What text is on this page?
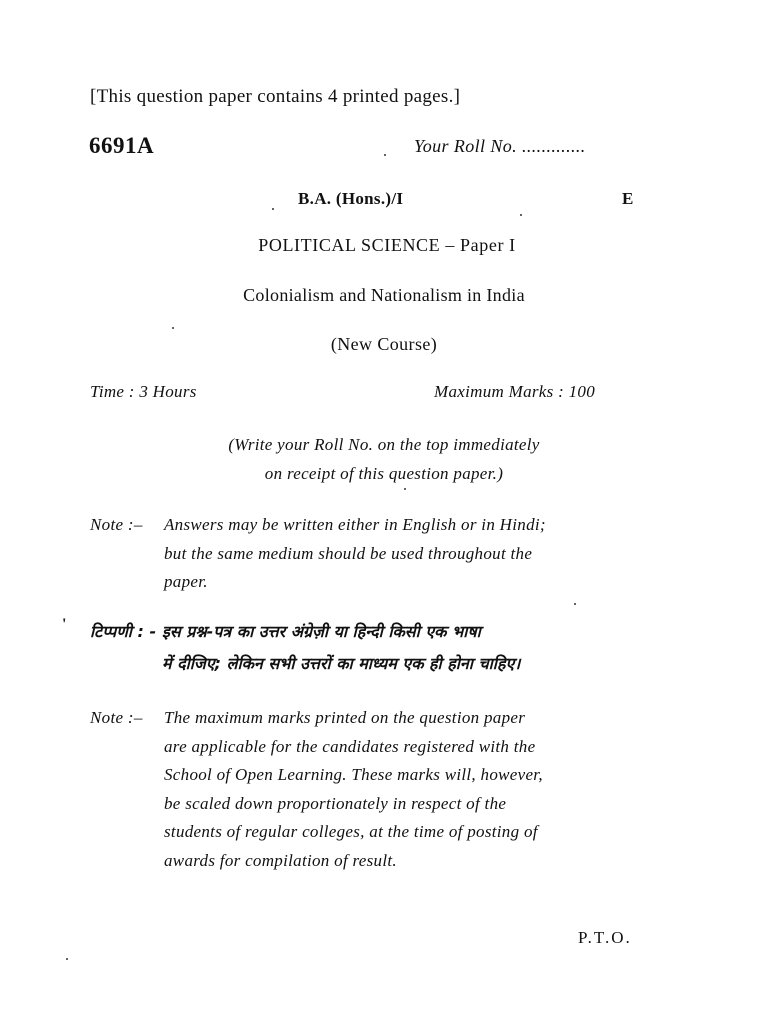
[This question paper contains 4 printed pages.]
6691A	Your Roll No. .............
B.A. (Hons.)/I	E
POLITICAL SCIENCE – Paper I
Colonialism and Nationalism in India
(New Course)
Time : 3 Hours	Maximum Marks : 100
(Write your Roll No. on the top immediately
on receipt of this question paper.)
Note :– Answers may be written either in English or in Hindi;
but the same medium should be used throughout the
paper.
' टिप्पणी : - इस प्रश्न-पत्र का उत्तर अंग्रेज़ी या हिन्दी किसी एक भाषा
में दीजिए; लेकिन सभी उत्तरों का माध्यम एक ही होना चाहिए।
Note :– The maximum marks printed on the question paper
are applicable for the candidates registered with the
School of Open Learning. These marks will, however,
be scaled down proportionately in respect of the
students of regular colleges, at the time of posting of
awards for compilation of result.
P.T.O.
